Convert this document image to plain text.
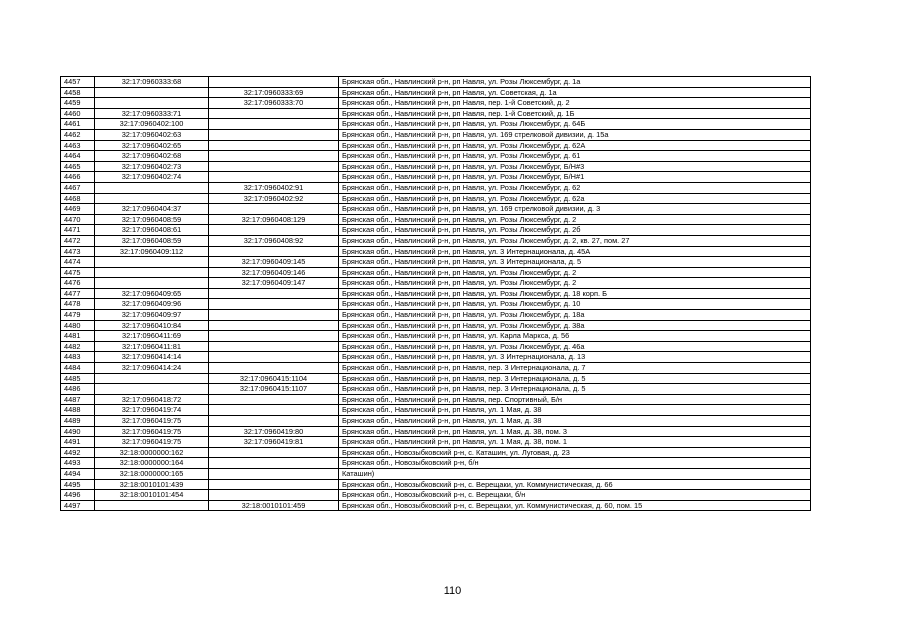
4457	32:17:0960333:68		Брянская обл., Навлинский р-н, рп Навля, ул. Розы Люксембург, д. 1а
4458		32:17:0960333:69	Брянская обл., Навлинский р-н, рп Навля, ул. Советская, д. 1а
4459		32:17:0960333:70	Брянская обл., Навлинский р-н, рп Навля, пер. 1-й Советский, д. 2
4460	32:17:0960333:71		Брянская обл., Навлинский р-н, рп Навля, пер. 1-й Советский, д. 1Б
4461	32:17:0960402:100		Брянская обл., Навлинский р-н, рп Навля, ул. Розы Люксембург, д. 64Б
4462	32:17:0960402:63		Брянская обл., Навлинский р-н, рп Навля, ул. 169 стрелковой дивизии, д. 15а
4463	32:17:0960402:65		Брянская обл., Навлинский р-н, рп Навля, ул. Розы Люксембург, д. 62А
4464	32:17:0960402:68		Брянская обл., Навлинский р-н, рп Навля, ул. Розы Люксембург, д. 61
4465	32:17:0960402:73		Брянская обл., Навлинский р-н, рп Навля, ул. Розы Люксембург, Б/Н#3
4466	32:17:0960402:74		Брянская обл., Навлинский р-н, рп Навля, ул. Розы Люксембург, Б/Н#1
4467		32:17:0960402:91	Брянская обл., Навлинский р-н, рп Навля, ул. Розы Люксембург, д. 62
4468		32:17:0960402:92	Брянская обл., Навлинский р-н, рп Навля, ул. Розы Люксембург, д. 62а
4469	32:17:0960404:37		Брянская обл., Навлинский р-н, рп Навля, ул. 169 стрелковой дивизии, д. 3
4470	32:17:0960408:59	32:17:0960408:129	Брянская обл., Навлинский р-н, рп Навля, ул. Розы Люксембург, д. 2
4471	32:17:0960408:61		Брянская обл., Навлинский р-н, рп Навля, ул. Розы Люксембург, д. 2б
4472	32:17:0960408:59	32:17:0960408:92	Брянская обл., Навлинский р-н, рп Навля, ул. Розы Люксембург, д. 2, кв. 27, пом. 27
4473	32:17:0960409:112		Брянская обл., Навлинский р-н, рп Навля, ул. 3 Интернационала, д. 45А
4474		32:17:0960409:145	Брянская обл., Навлинский р-н, рп Навля, ул. 3 Интернационала, д. 5
4475		32:17:0960409:146	Брянская обл., Навлинский р-н, рп Навля, ул. Розы Люксембург, д. 2
4476		32:17:0960409:147	Брянская обл., Навлинский р-н, рп Навля, ул. Розы Люксембург, д. 2
4477	32:17:0960409:65		Брянская обл., Навлинский р-н, рп Навля, ул. Розы Люксембург, д. 18 корп. Б
4478	32:17:0960409:96		Брянская обл., Навлинский р-н, рп Навля, ул. Розы Люксембург, д. 10
4479	32:17:0960409:97		Брянская обл., Навлинский р-н, рп Навля, ул. Розы Люксембург, д. 18а
4480	32:17:0960410:84		Брянская обл., Навлинский р-н, рп Навля, ул. Розы Люксембург, д. 38а
4481	32:17:0960411:69		Брянская обл., Навлинский р-н, рп Навля, ул. Карла Маркса, д. 56
4482	32:17:0960411:81		Брянская обл., Навлинский р-н, рп Навля, ул. Розы Люксембург, д. 46а
4483	32:17:0960414:14		Брянская обл., Навлинский р-н, рп Навля, ул. 3 Интернационала, д. 13
4484	32:17:0960414:24		Брянская обл., Навлинский р-н, рп Навля, пер. 3 Интернационала, д. 7
4485		32:17:0960415:1104	Брянская обл., Навлинский р-н, рп Навля, пер. 3 Интернационала, д. 5
4486		32:17:0960415:1107	Брянская обл., Навлинский р-н, рп Навля, пер. 3 Интернационала, д. 5
4487	32:17:0960418:72		Брянская обл., Навлинский р-н, рп Навля, пер. Спортивный, Б/н
4488	32:17:0960419:74		Брянская обл., Навлинский р-н, рп Навля, ул. 1 Мая, д. 38
4489	32:17:0960419:75		Брянская обл., Навлинский р-н, рп Навля, ул. 1 Мая, д. 38
4490	32:17:0960419:75	32:17:0960419:80	Брянская обл., Навлинский р-н, рп Навля, ул. 1 Мая, д. 38, пом. 3
4491	32:17:0960419:75	32:17:0960419:81	Брянская обл., Навлинский р-н, рп Навля, ул. 1 Мая, д. 38, пом. 1
4492	32:18:0000000:162		Брянская обл., Новозыбковский р-н, с. Каташин, ул. Луговая, д. 23
4493	32:18:0000000:164		Брянская обл., Новозыбковский р-н, б/н
4494	32:18:0000000:165		Каташин)
4495	32:18:0010101:439		Брянская обл., Новозыбковский р-н, с. Верещаки, ул. Коммунистическая, д. 66
4496	32:18:0010101:454		Брянская обл., Новозыбковский р-н, с. Верещаки, б/н
4497		32:18:0010101:459	Брянская обл., Новозыбковский р-н, с. Верещаки, ул. Коммунистическая, д. 60, пом. 15
110
